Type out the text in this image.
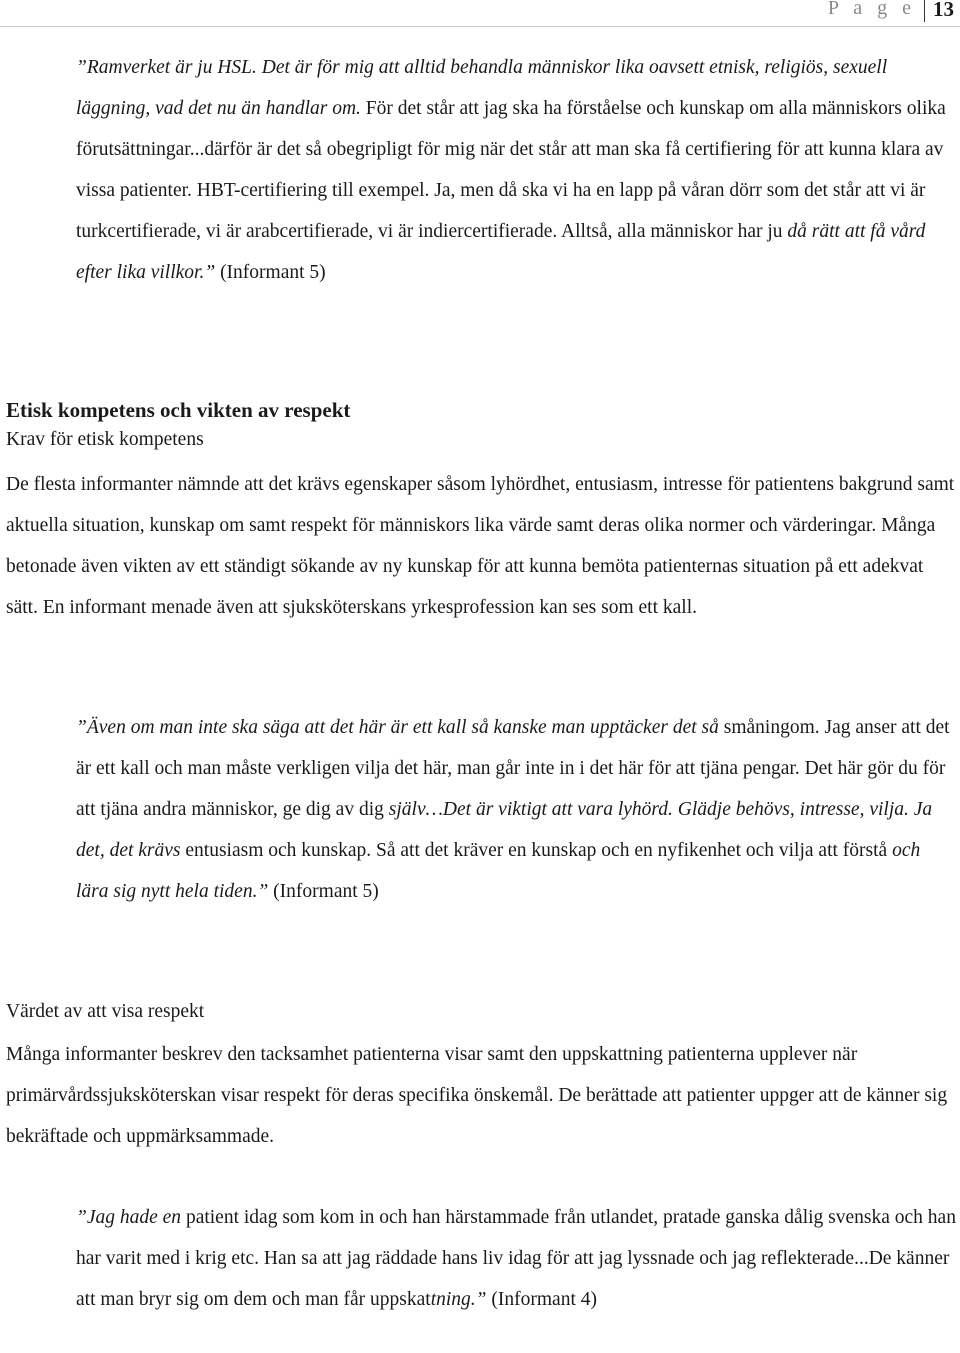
P a g e 13

”Ramverket är ju HSL. Det är för mig att alltid behandla människor lika oavsett etnisk, religiös, sexuell läggning, vad det nu än handlar om. För det står att jag ska ha förståelse och kunskap om alla människors olika förutsättningar...därför är det så obegripligt för mig när det står att man ska få certifiering för att kunna klara av vissa patienter. HBT-certifiering till exempel. Ja, men då ska vi ha en lapp på våran dörr som det står att vi är turkcertifierade, vi är arabcertifierade, vi är indiercertifierade. Alltså, alla människor har ju då rätt att få vård efter lika villkor.” (Informant 5)

Etisk kompetens och vikten av respekt
Krav för etisk kompetens

De flesta informanter nämnde att det krävs egenskaper såsom lyhördhet, entusiasm, intresse för patientens bakgrund samt aktuella situation, kunskap om samt respekt för människors lika värde samt deras olika normer och värderingar. Många betonade även vikten av ett ständigt sökande av ny kunskap för att kunna bemöta patienternas situation på ett adekvat sätt. En informant menade även att sjuksköterskans yrkesprofession kan ses som ett kall.

”Även om man inte ska säga att det här är ett kall så kanske man upptäcker det så småningom. Jag anser att det är ett kall och man måste verkligen vilja det här, man går inte in i det här för att tjäna pengar. Det här gör du för att tjäna andra människor, ge dig av dig själv…Det är viktigt att vara lyhörd. Glädje behövs, intresse, vilja. Ja det, det krävs entusiasm och kunskap. Så att det kräver en kunskap och en nyfikenhet och vilja att förstå och lära sig nytt hela tiden.” (Informant 5)

Värdet av att visa respekt

Många informanter beskrev den tacksamhet patienterna visar samt den uppskattning patienterna upplever när primärvårdssjuksköterskan visar respekt för deras specifika önskemål. De berättade att patienter uppger att de känner sig bekräftade och uppmärksammade.

”Jag hade en patient idag som kom in och han härstammade från utlandet, pratade ganska dålig svenska och han har varit med i krig etc. Han sa att jag räddade hans liv idag för att jag lyssnade och jag reflekterade...De känner att man bryr sig om dem och man får uppskattning.” (Informant 4)
